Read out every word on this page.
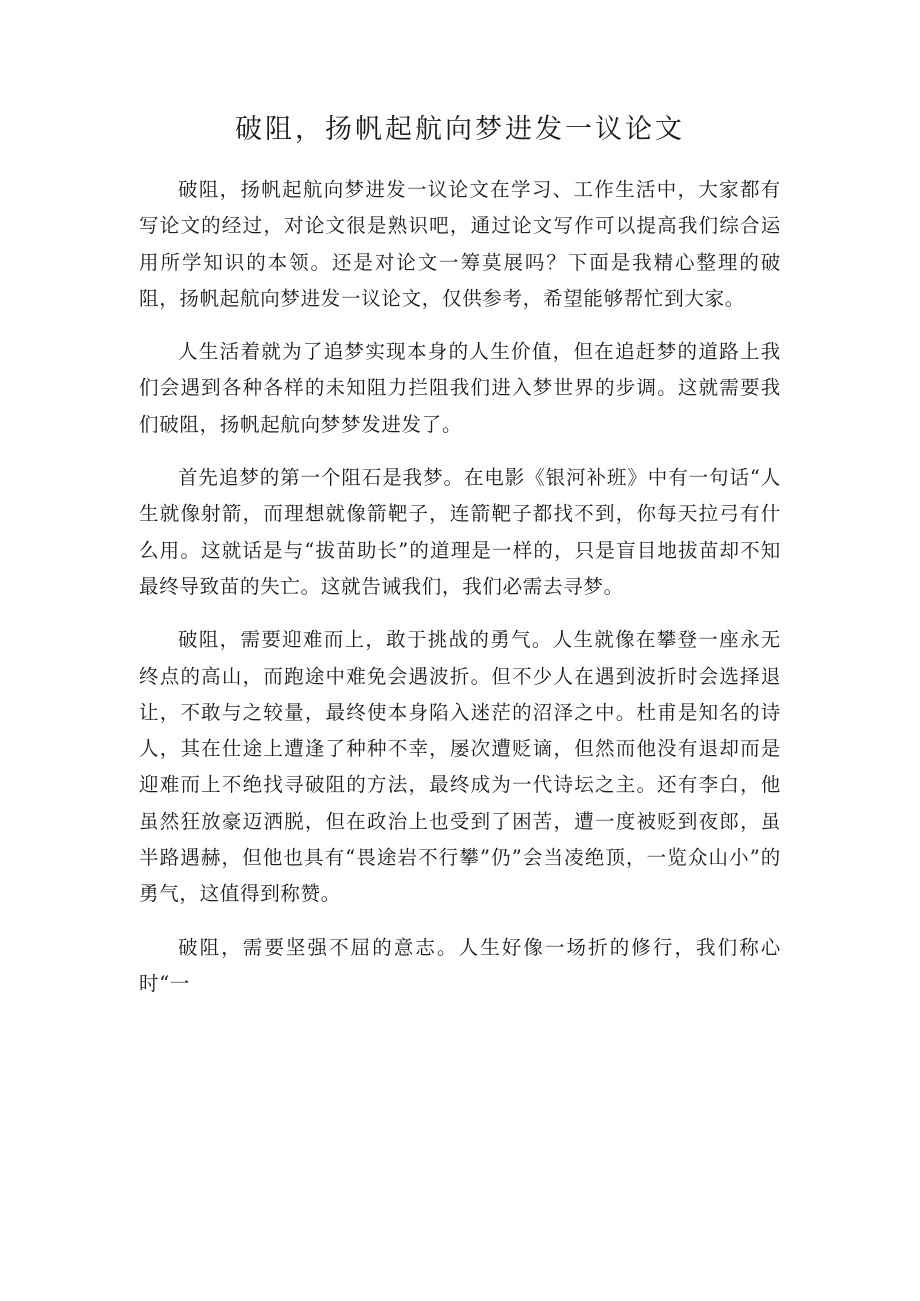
破阻，扬帆起航向梦进发一议论文

破阻，扬帆起航向梦进发一议论文在学习、工作生活中，大家都有写论文的经过，对论文很是熟识吧，通过论文写作可以提高我们综合运用所学知识的本领。还是对论文一筹莫展吗？下面是我精心整理的破阻，扬帆起航向梦进发一议论文，仅供参考，希望能够帮忙到大家。

人生活着就为了追梦实现本身的人生价值，但在追赶梦的道路上我们会遇到各种各样的未知阻力拦阻我们进入梦世界的步调。这就需要我们破阻，扬帆起航向梦梦发进发了。

首先追梦的第一个阻石是我梦。在电影《银河补班》中有一句话“人生就像射箭，而理想就像箭靶子，连箭靶子都找不到，你每天拉弓有什么用。这就话是与“拔苗助长”的道理是一样的，只是盲目地拔苗却不知最终导致苗的失亡。这就告诫我们，我们必需去寻梦。

破阻，需要迎难而上，敢于挑战的勇气。人生就像在攀登一座永无终点的高山，而跑途中难免会遇波折。但不少人在遇到波折时会选择退让，不敢与之较量，最终使本身陷入迷茫的沼泽之中。杜甫是知名的诗人，其在仕途上遭逢了种种不幸，屡次遭贬谪，但然而他没有退却而是迎难而上不绝找寻破阻的方法，最终成为一代诗坛之主。还有李白，他虽然狂放豪迈洒脱，但在政治上也受到了困苦，遭一度被贬到夜郎，虽半路遇赫，但他也具有“畏途岩不行攀”仍”会当凌绝顶，一览众山小”的勇气，这值得到称赞。

破阻，需要坚强不屈的意志。人生好像一场折的修行，我们称心时“一
